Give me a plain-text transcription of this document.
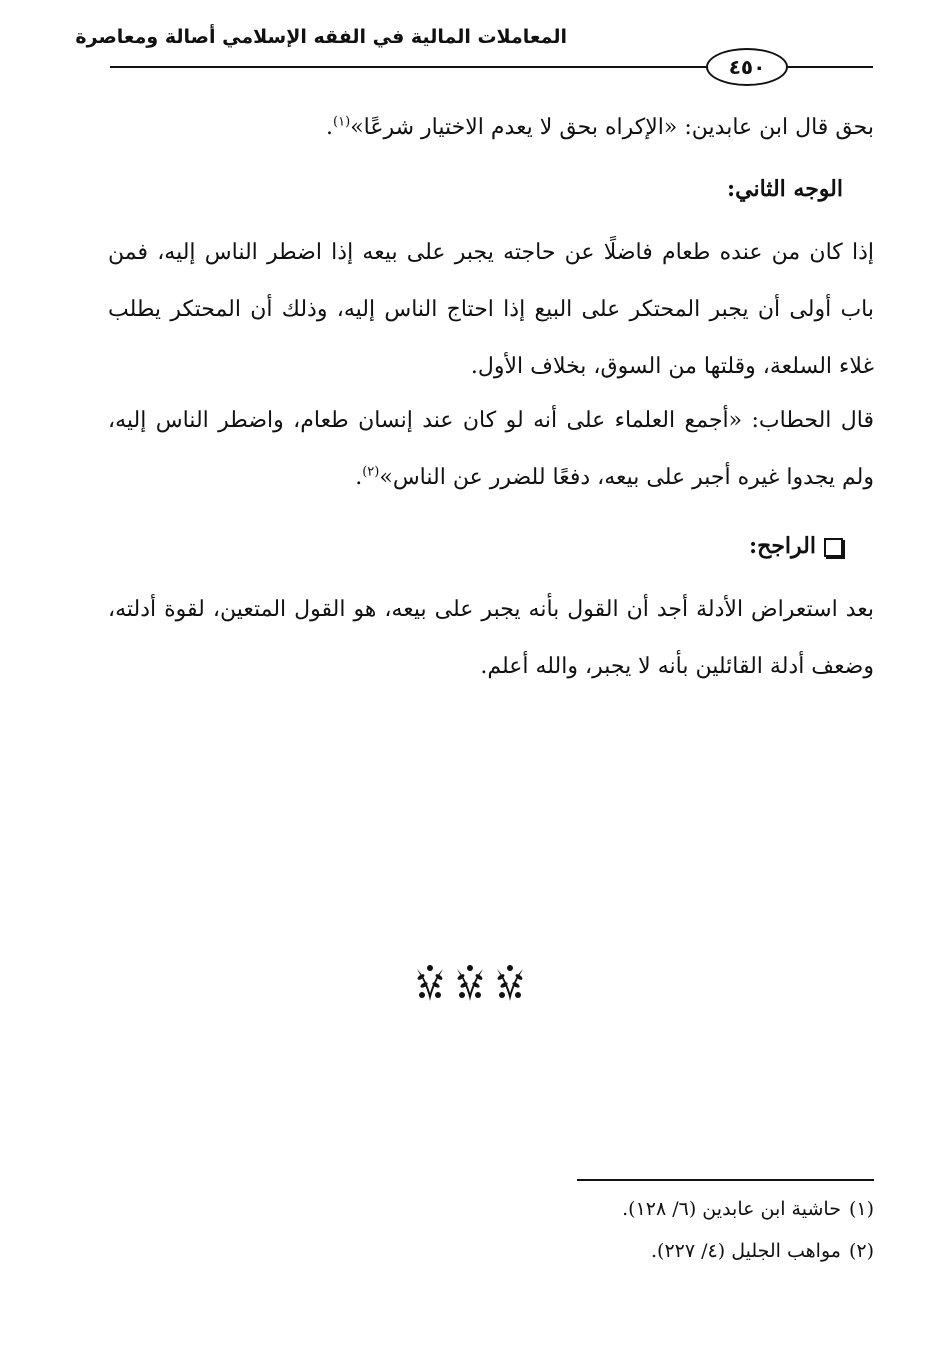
المعاملات المالية في الفقه الإسلامي أصالة ومعاصرة
٤٥٠

بحق قال ابن عابدين: «الإكراه بحق لا يعدم الاختيار شرعًا»$^{(١)}$.

الوجه الثاني:

إذا كان من عنده طعام فاضلًا عن حاجته يجبر على بيعه إذا اضطر الناس إليه، فمن باب أولى أن يجبر المحتكر على البيع إذا احتاج الناس إليه، وذلك أن المحتكر يطلب غلاء السلعة، وقلتها من السوق، بخلاف الأول.

قال الحطاب: «أجمع العلماء على أنه لو كان عند إنسان طعام، واضطر الناس إليه، ولم يجدوا غيره أجبر على بيعه، دفعًا للضرر عن الناس»$^{(٢)}$.

الراجح:

بعد استعراض الأدلة أجد أن القول بأنه يجبر على بيعه، هو القول المتعين، لقوة أدلته، وضعف أدلة القائلين بأنه لا يجبر، والله أعلم.

(١)حاشية ابن عابدين (٦/ ١٢٨).

(٢)مواهب الجليل (٤/ ٢٢٧).
